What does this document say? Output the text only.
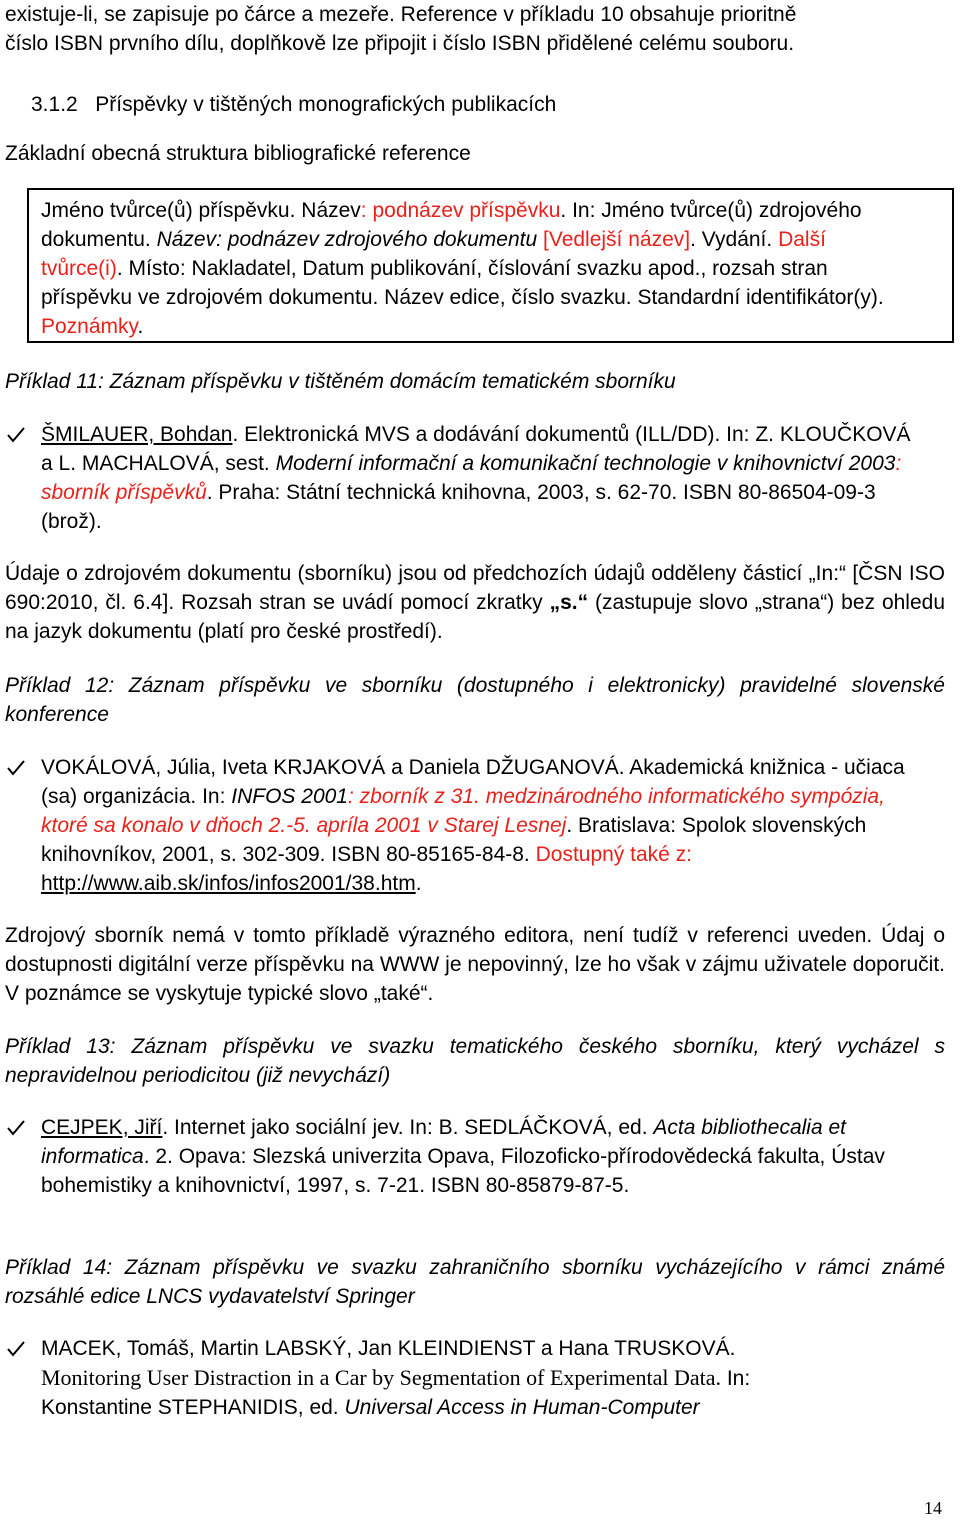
existuje-li, se zapisuje po čárce a mezeře. Reference v příkladu 10 obsahuje prioritně
číslo ISBN prvního dílu, doplňkově lze připojit i číslo ISBN přidělené celému souboru.
3.1.2 Příspěvky v tištěných monografických publikacích
Základní obecná struktura bibliografické reference

Jméno tvůrce(ů) příspěvku. Název: podnázev příspěvku. In: Jméno tvůrce(ů) zdrojového dokumentu. Název: podnázev zdrojového dokumentu [Vedlejší název]. Vydání. Další tvůrce(i). Místo: Nakladatel, Datum publikování, číslování svazku apod., rozsah stran příspěvku ve zdrojovém dokumentu. Název edice, číslo svazku. Standardní identifikátor(y). Poznámky.

Příklad 11: Záznam příspěvku v tištěném domácím tematickém sborníku

ŠMILAUER, Bohdan. Elektronická MVS a dodávání dokumentů (ILL/DD). In: Z. KLOUČKOVÁ a L. MACHALOVÁ, sest. Moderní informační a komunikační technologie v knihovnictví 2003: sborník příspěvků. Praha: Státní technická knihovna, 2003, s. 62-70. ISBN 80-86504-09-3 (brož).

Údaje o zdrojovém dokumentu (sborníku) jsou od předchozích údajů odděleny částicí „In:“ [ČSN ISO 690:2010, čl. 6.4]. Rozsah stran se uvádí pomocí zkratky „s.“ (zastupuje slovo „strana“) bez ohledu na jazyk dokumentu (platí pro české prostředí).

Příklad 12: Záznam příspěvku ve sborníku (dostupného i elektronicky) pravidelné slovenské konference

VOKÁLOVÁ, Júlia, Iveta KRJAKOVÁ a Daniela DŽUGANOVÁ. Akademická knižnica - učiaca (sa) organizácia. In: INFOS 2001: zborník z 31. medzinárodného informatického sympózia, ktoré sa konalo v dňoch 2.-5. apríla 2001 v Starej Lesnej. Bratislava: Spolok slovenských knihovníkov, 2001, s. 302-309. ISBN 80-85165-84-8. Dostupný také z: http://www.aib.sk/infos/infos2001/38.htm.

Zdrojový sborník nemá v tomto příkladě výrazného editora, není tudíž v referenci uveden. Údaj o dostupnosti digitální verze příspěvku na WWW je nepovinný, lze ho však v zájmu uživatele doporučit. V poznámce se vyskytuje typické slovo „také“.

Příklad 13: Záznam příspěvku ve svazku tematického českého sborníku, který vycházel s nepravidelnou periodicitou (již nevychází)

CEJPEK, Jiří. Internet jako sociální jev. In: B. SEDLÁČKOVÁ, ed. Acta bibliothecalia et informatica. 2. Opava: Slezská univerzita Opava, Filozoficko-přírodovědecká fakulta, Ústav bohemistiky a knihovnictví, 1997, s. 7-21. ISBN 80-85879-87-5.

Příklad 14: Záznam příspěvku ve svazku zahraničního sborníku vycházejícího v rámci známé rozsáhlé edice LNCS vydavatelství Springer

MACEK, Tomáš, Martin LABSKÝ, Jan KLEINDIENST a Hana TRUSKOVÁ.
Monitoring User Distraction in a Car by Segmentation of Experimental Data. In:
Konstantine STEPHANIDIS, ed. Universal Access in Human-Computer
14
